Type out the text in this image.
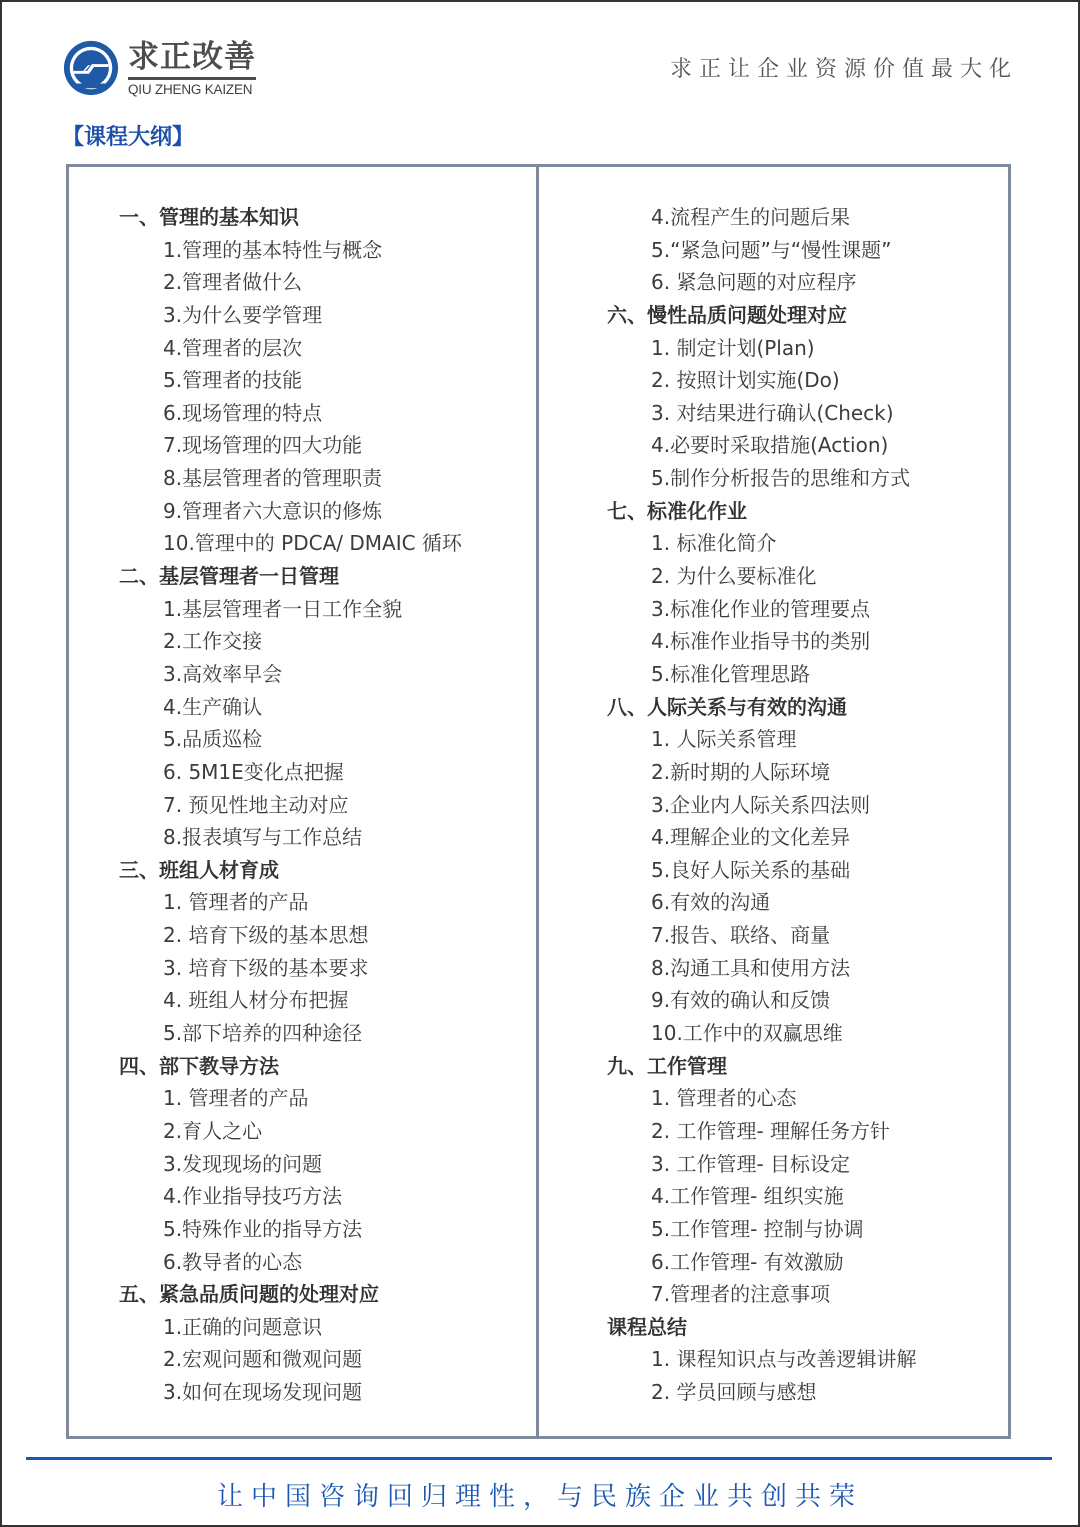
求正改善
QIU ZHENG KAIZEN
求正让企业资源价值最大化
【课程大纲】
一、管理的基本知识
1.管理的基本特性与概念
2.管理者做什么
3.为什么要学管理
4.管理者的层次
5.管理者的技能
6.现场管理的特点
7.现场管理的四大功能
8.基层管理者的管理职责
9.管理者六大意识的修炼
10.管理中的 PDCA/ DMAIC 循环
二、基层管理者一日管理
1.基层管理者一日工作全貌
2.工作交接
3.高效率早会
4.生产确认
5.品质巡检
6. 5M1E变化点把握
7. 预见性地主动对应
8.报表填写与工作总结
三、班组人材育成
1. 管理者的产品
2. 培育下级的基本思想
3. 培育下级的基本要求
4. 班组人材分布把握
5.部下培养的四种途径
四、部下教导方法
1. 管理者的产品
2.育人之心
3.发现现场的问题
4.作业指导技巧方法
5.特殊作业的指导方法
6.教导者的心态
五、紧急品质问题的处理对应
1.正确的问题意识
2.宏观问题和微观问题
3.如何在现场发现问题
4.流程产生的问题后果
5.“紧急问题”与“慢性课题”
6. 紧急问题的对应程序
六、慢性品质问题处理对应
1. 制定计划(Plan)
2. 按照计划实施(Do)
3. 对结果进行确认(Check)
4.必要时采取措施(Action)
5.制作分析报告的思维和方式
七、标准化作业
1. 标准化简介
2. 为什么要标准化
3.标准化作业的管理要点
4.标准作业指导书的类别
5.标准化管理思路
八、人际关系与有效的沟通
1. 人际关系管理
2.新时期的人际环境
3.企业内人际关系四法则
4.理解企业的文化差异
5.良好人际关系的基础
6.有效的沟通
7.报告、联络、商量
8.沟通工具和使用方法
9.有效的确认和反馈
10.工作中的双赢思维
九、工作管理
1. 管理者的心态
2. 工作管理- 理解任务方针
3. 工作管理- 目标设定
4.工作管理- 组织实施
5.工作管理- 控制与协调
6.工作管理- 有效激励
7.管理者的注意事项
课程总结
1. 课程知识点与改善逻辑讲解
2. 学员回顾与感想
让中国咨询回归理性，与民族企业共创共荣
